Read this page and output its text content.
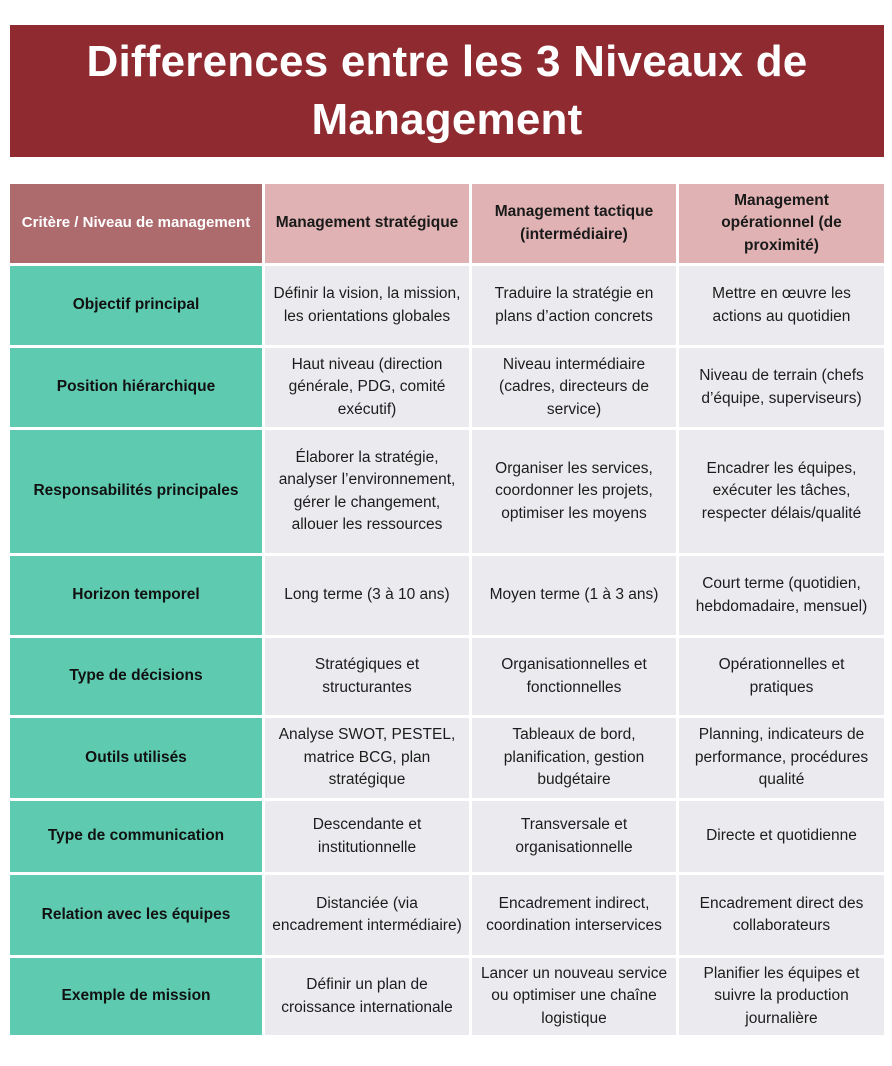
Differences entre les 3 Niveaux de Management
Critère / Niveau de management	Management stratégique	Management tactique (intermédiaire)	Management opérationnel (de proximité)
Objectif principal	Définir la vision, la mission, les orientations globales	Traduire la stratégie en plans d’action concrets	Mettre en œuvre les actions au quotidien
Position hiérarchique	Haut niveau (direction générale, PDG, comité exécutif)	Niveau intermédiaire (cadres, directeurs de service)	Niveau de terrain (chefs d’équipe, superviseurs)
Responsabilités principales	Élaborer la stratégie, analyser l’environnement, gérer le changement, allouer les ressources	Organiser les services, coordonner les projets, optimiser les moyens	Encadrer les équipes, exécuter les tâches, respecter délais/qualité
Horizon temporel	Long terme (3 à 10 ans)	Moyen terme (1 à 3 ans)	Court terme (quotidien, hebdomadaire, mensuel)
Type de décisions	Stratégiques et structurantes	Organisationnelles et fonctionnelles	Opérationnelles et pratiques
Outils utilisés	Analyse SWOT, PESTEL, matrice BCG, plan stratégique	Tableaux de bord, planification, gestion budgétaire	Planning, indicateurs de performance, procédures qualité
Type de communication	Descendante et institutionnelle	Transversale et organisationnelle	Directe et quotidienne
Relation avec les équipes	Distanciée (via encadrement intermédiaire)	Encadrement indirect, coordination interservices	Encadrement direct des collaborateurs
Exemple de mission	Définir un plan de croissance internationale	Lancer un nouveau service ou optimiser une chaîne logistique	Planifier les équipes et suivre la production journalière
